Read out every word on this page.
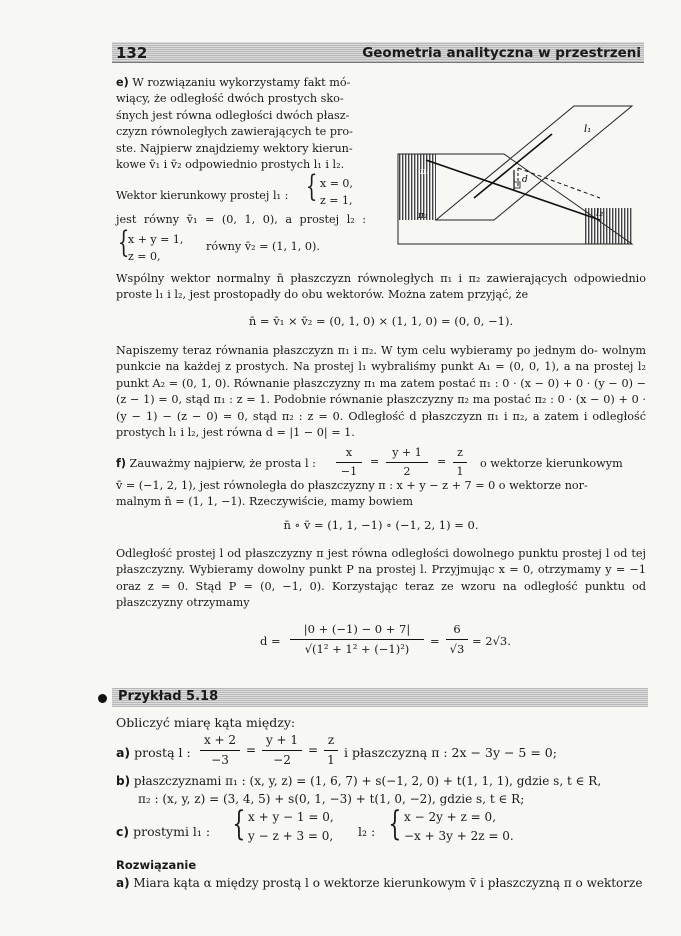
132	Geometria analityczna w przestrzeni
e) W rozwiązaniu wykorzystamy fakt mó-
wiący, że odległość dwóch prostych sko-
śnych jest równa odległości dwóch płasz-
czyzn równoległych zawierających te pro-
ste. Najpierw znajdziemy wektory kierun-
kowe v̄₁ i v̄₂ odpowiednio prostych l₁ i l₂.
Wektor kierunkowy prostej l₁ : { x = 0,
z = 1,
jest równy v̄₁ = (0, 1, 0), a prostej l₂ :
{
x + y = 1,
z = 0,
równy v̄₂ = (1, 1, 0).
l₁
l₂
π₁
π₂
d
Wspólny wektor normalny n̄ płaszczyzn równoległych π₁ i π₂ zawierających odpowiednio proste l₁ i l₂, jest prostopadły do obu wektorów. Można zatem przyjąć, że
n̄ = v̄₁ × v̄₂ = (0, 1, 0) × (1, 1, 0) = (0, 0, −1).
Napiszemy teraz równania płaszczyzn π₁ i π₂. W tym celu wybieramy po jednym do- wolnym punkcie na każdej z prostych. Na prostej l₁ wybraliśmy punkt A₁ = (0, 0, 1), a na prostej l₂ punkt A₂ = (0, 1, 0). Równanie płaszczyzny π₁ ma zatem postać π₁ : 0 · (x − 0) + 0 · (y − 0) − (z − 1) = 0, stąd π₁ : z = 1. Podobnie równanie płaszczyzny π₂ ma postać π₂ : 0 · (x − 0) + 0 · (y − 1) − (z − 0) = 0, stąd π₂ : z = 0. Odległość d płaszczyzn π₁ i π₂, a zatem i odległość prostych l₁ i l₂, jest równa d = |1 − 0| = 1.
f) Zauważmy najpierw, że prosta l :
x
−1
=
y + 1
2
=
z
1
o wektorze kierunkowym
v̄ = (−1, 2, 1), jest równoległa do płaszczyzny π : x + y − z + 7 = 0 o wektorze nor-
malnym n̄ = (1, 1, −1). Rzeczywiście, mamy bowiem
n̄ ∘ v̄ = (1, 1, −1) ∘ (−1, 2, 1) = 0.
Odległość prostej l od płaszczyzny π jest równa odległości dowolnego punktu prostej l od tej płaszczyzny. Wybieramy dowolny punkt P na prostej l. Przyjmując x = 0, otrzymamy y = −1 oraz z = 0. Stąd P = (0, −1, 0). Korzystając teraz ze wzoru na odległość punktu od płaszczyzny otrzymamy
d =
|0 + (−1) − 0 + 7|
√(1² + 1² + (−1)²)
=
6
√3
= 2√3.
Przykład 5.18
Obliczyć miarę kąta między:
a) prostą l :
x + 2
−3
=
y + 1
−2
=
z
1 i płaszczyzną π : 2x − 3y − 5 = 0;
b) płaszczyznami π₁ : (x, y, z) = (1, 6, 7) + s(−1, 2, 0) + t(1, 1, 1), gdzie s, t ∈ R,
π₂ : (x, y, z) = (3, 4, 5) + s(0, 1, −3) + t(1, 0, −2), gdzie s, t ∈ R;
c) prostymi l₁ : { x + y − 1 = 0,
y − z + 3 = 0, l₂ : { x − 2y + z = 0,
−x + 3y + 2z = 0.
Rozwiązanie
a) Miara kąta α między prostą l o wektorze kierunkowym v̄ i płaszczyzną π o wektorze
